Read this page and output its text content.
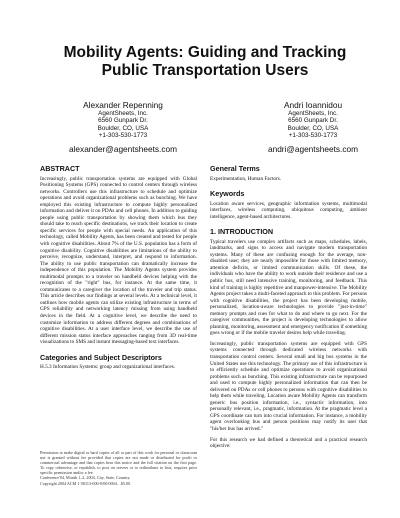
Mobility Agents: Guiding and Tracking Public Transportation Users
Alexander Repenning
AgentSheets, Inc.
6560 Gunpark Dr.
Boulder, CO, USA
+1-303-530-1773
alexander@agentsheets.com
Andri Ioannidou
AgentSheets, Inc.
6560 Gunpark Dr.
Boulder, CO, USA
+1-303-530-1773
andri@agentsheets.com
ABSTRACT

Increasingly, public transportation systems are equipped with Global Positioning Systems (GPS) connected to control centers through wireless networks. Controllers use this infrastructure to schedule and optimize operations and avoid organizational problems such as bunching. We have employed this existing infrastructure to compute highly personalized information and deliver it on PDAs and cell phones. In addition to guiding people using public transportation by showing them which bus they should take to reach specific destinations, we track their location to create specific services for people with special needs. An application of this technology, called Mobility Agents, has been created and tested for people with cognitive disabilities. About 7% of the U.S. population has a form of cognitive disability. Cognitive disabilities are limitations of the ability to perceive, recognize, understand, interpret, and respond to information. The ability to use public transportation can dramatically increase the independence of this population. The Mobility Agents system provides multimodal prompts to a traveler on handheld devices helping with the recognition of the "right" bus, for instance. At the same time, it communicates to a caregiver the location of the traveler and trip status. This article describes our findings at several levels. At a technical level, it outlines how mobile agents can utilize existing infrastructure in terms of GPS reliability and networking latency missing from using handheld devices in the field. At a cognitive level, we describe the need to customize information to address different degrees and combinations of cognitive disabilities. At a user interface level, we describe the use of different mission status interface approaches ranging from 3D real-time visualizations to SMS and instant messaging-based text interfaces.

Categories and Subject Descriptors

H.5.3 Information Systems: group and organizational interfaces.

General Terms

Experimentation, Human Factors.

Keywords

Location aware services, geographic information systems, multimodal interfaces, wireless computing, ubiquitous computing, ambient intelligence, agent-based architectures.

1. INTRODUCTION

Typical travelers use complex artifacts such as maps, schedules, labels, landmarks, and signs to access and navigate modern transportation systems. Many of these are confusing enough for the average, non-disabled user; they are nearly impossible for those with limited memory, attention deficits, or limited communication skills. Of these, the individuals who have the ability to work outside their residence and use a public bus, still need intensive training, monitoring, and feedback. This kind of training is highly repetitive and manpower-intensive. The Mobility Agents project takes a multi-faceted approach to this problem. For persons with cognitive disabilities, the project has been developing mobile, personalized, location-aware technologies to provide "just-in-time" memory prompts and cues for what to do and where to go next. For the caregiver communities, the project is developing technologies to allow planning, monitoring, assessment and emergency notification if something goes wrong or if the mobile traveler desires help while traveling.

Increasingly, public transportation systems are equipped with GPS systems connected through dedicated wireless networks with transportation control centers. Several small and big bus systems in the United States use this technology. The primary use of this infrastructure is to efficiently schedule and optimize operations to avoid organizational problems such as bunching. This existing infrastructure can be repurposed and used to compute highly personalized information that can then be delivered on PDAs or cell phones to persons with cognitive disabilities to help them while traveling. Location aware Mobility Agents can transform generic bus position information, i.e., syntactic information, into personally relevant, i.e., pragmatic, information. At the pragmatic level a GPS coordinate can turn into crucial information. For instance, a mobility agent overlooking bus and person positions may notify its user that "his/her bus has arrived."

For this research we had defined a theoretical and a practical research objective:

Permission to make digital or hard copies of all or part of this work for personal or classroom use is granted without fee provided that copies are not made or distributed for profit or commercial advantage and that copies bear this notice and the full citation on the first page. To copy otherwise, or republish, to post on servers or to redistribute to lists, requires prior specific permission and/or a fee.
Conference'04, Month 1–2, 2004, City, State, Country.
Copyright 2004 ACM 1-58113-000-0/00/0004…$5.00.
